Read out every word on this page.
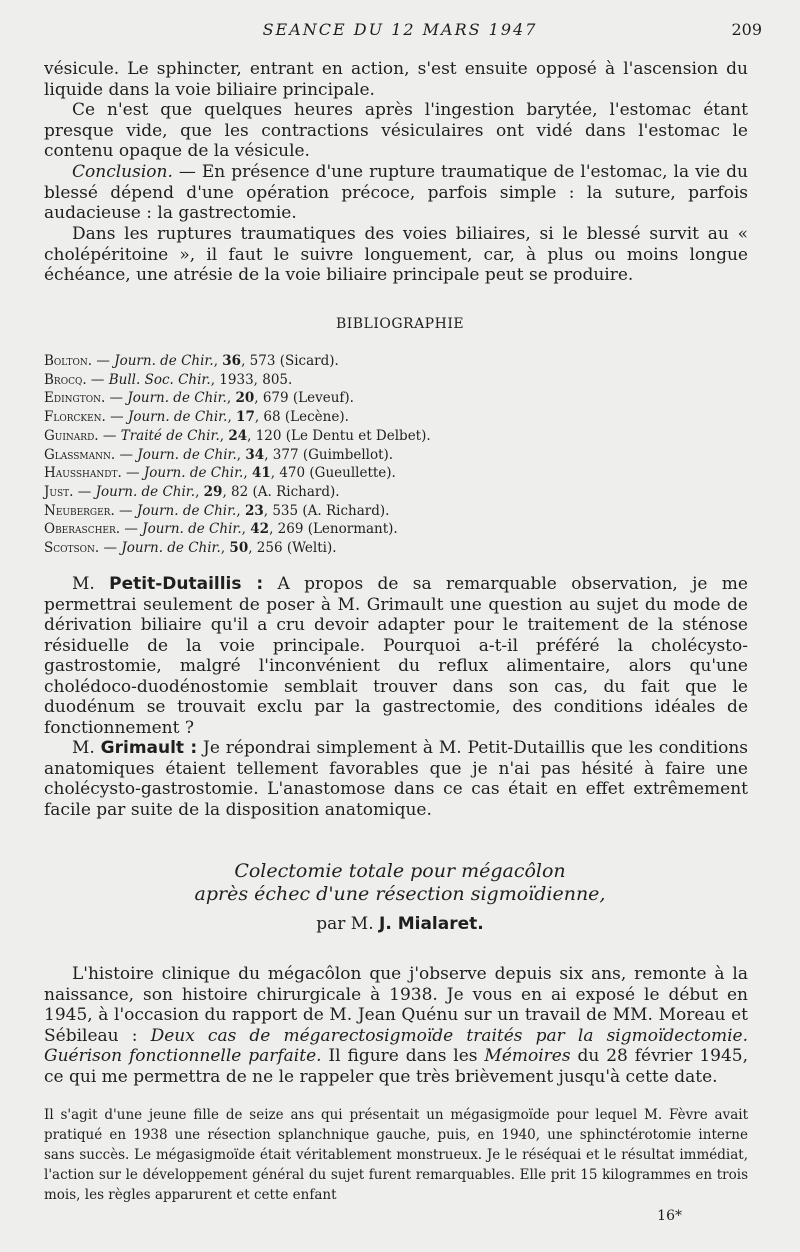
SEANCE DU 12 MARS 1947	209
vésicule. Le sphincter, entrant en action, s'est ensuite opposé à l'ascension du liquide dans la voie biliaire principale.
Ce n'est que quelques heures après l'ingestion barytée, l'estomac étant presque vide, que les contractions vésiculaires ont vidé dans l'estomac le contenu opaque de la vésicule.
Conclusion. — En présence d'une rupture traumatique de l'estomac, la vie du blessé dépend d'une opération précoce, parfois simple : la suture, parfois audacieuse : la gastrectomie.
Dans les ruptures traumatiques des voies biliaires, si le blessé survit au « cholépéritoine », il faut le suivre longuement, car, à plus ou moins longue échéance, une atrésie de la voie biliaire principale peut se produire.
BIBLIOGRAPHIE
Bolton. — Journ. de Chir., 36, 573 (Sicard).
Brocq. — Bull. Soc. Chir., 1933, 805.
Edington. — Journ. de Chir., 20, 679 (Leveuf).
Florcken. — Journ. de Chir., 17, 68 (Lecène).
Guinard. — Traité de Chir., 24, 120 (Le Dentu et Delbet).
Glassmann. — Journ. de Chir., 34, 377 (Guimbellot).
Hausshandt. — Journ. de Chir., 41, 470 (Gueullette).
Just. — Journ. de Chir., 29, 82 (A. Richard).
Neuberger. — Journ. de Chir., 23, 535 (A. Richard).
Oberascher. — Journ. de Chir., 42, 269 (Lenormant).
Scotson. — Journ. de Chir., 50, 256 (Welti).
M. Petit-Dutaillis : A propos de sa remarquable observation, je me permettrai seulement de poser à M. Grimault une question au sujet du mode de dérivation biliaire qu'il a cru devoir adapter pour le traitement de la sténose résiduelle de la voie principale. Pourquoi a-t-il préféré la cholécysto-gastrostomie, malgré l'inconvénient du reflux alimentaire, alors qu'une cholédoco-duodénostomie semblait trouver dans son cas, du fait que le duodénum se trouvait exclu par la gastrectomie, des conditions idéales de fonctionnement ?
M. Grimault : Je répondrai simplement à M. Petit-Dutaillis que les conditions anatomiques étaient tellement favorables que je n'ai pas hésité à faire une cholécysto-gastrostomie. L'anastomose dans ce cas était en effet extrêmement facile par suite de la disposition anatomique.
Colectomie totale pour mégacôlon
après échec d'une résection sigmoïdienne,
par M. J. Mialaret.
L'histoire clinique du mégacôlon que j'observe depuis six ans, remonte à la naissance, son histoire chirurgicale à 1938. Je vous en ai exposé le début en 1945, à l'occasion du rapport de M. Jean Quénu sur un travail de MM. Moreau et Sébileau : Deux cas de mégarectosigmoïde traités par la sigmoïdectomie. Guérison fonctionnelle parfaite. Il figure dans les Mémoires du 28 février 1945, ce qui me permettra de ne le rappeler que très brièvement jusqu'à cette date.
Il s'agit d'une jeune fille de seize ans qui présentait un mégasigmoïde pour lequel M. Fèvre avait pratiqué en 1938 une résection splanchnique gauche, puis, en 1940, une sphinctérotomie interne sans succès. Le mégasigmoïde était véritablement monstrueux. Je le réséquai et le résultat immédiat, l'action sur le développement général du sujet furent remarquables. Elle prit 15 kilogrammes en trois mois, les règles apparurent et cette enfant
16*
